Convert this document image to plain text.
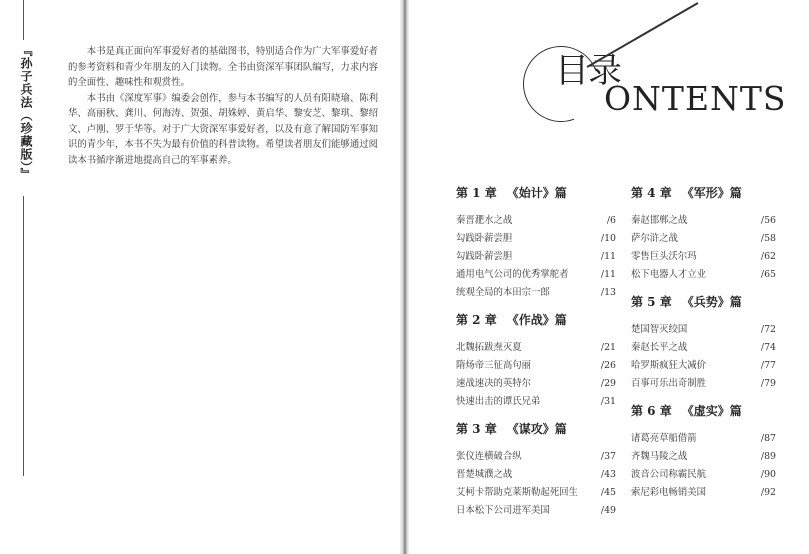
『孙子兵法（珍藏版）』	本书是真正面向军事爱好者的基础图书，特别适合作为广大军事爱好者的参考资料和青少年朋友的入门读物。全书由资深军事团队编写，力求内容的全面性、趣味性和观赏性。

本书由《深度军事》编委会创作，参与本书编写的人员有阳晓瑜、陈利华、高丽秋、龚川、何海涛、贺强、胡姝婷、黄启华、黎安芝、黎琪、黎绍文、卢刚、罗于华等。对于广大资深军事爱好者，以及有意了解国防军事知识的青少年，本书不失为最有价值的科普读物。希望读者朋友们能够通过阅读本书循序渐进地提高自己的军事素养。

目录
ONTENTS
第 1 章 《始计》篇
秦晋淝水之战	/6
勾践卧薪尝胆	/10
勾践卧薪尝胆	/11
通用电气公司的优秀掌舵者	/11
统观全局的本田宗一郎	/13
第 2 章 《作战》篇
北魏拓跋焘灭夏	/21
隋炀帝三征高句丽	/26
速战速决的英特尔	/29
快速出击的谭氏兄弟	/31
第 3 章 《谋攻》篇
张仪连横破合纵	/37
晋楚城濮之战	/43
艾柯卡帮助克莱斯勒起死回生 /45
日本松下公司进军美国	/49
第 4 章 《军形》篇
秦赵邯郸之战	/56
萨尔浒之战	/58
零售巨头沃尔玛	/62
松下电器人才立业	/65
第 5 章 《兵势》篇
楚国智灭绞国	/72
秦赵长平之战	/74
哈罗斯疯狂大减价	/77
百事可乐出奇制胜	/79
第 6 章 《虚实》篇
诸葛亮草船借箭	/87
齐魏马陵之战	/89
波音公司称霸民航	/90
索尼彩电畅销美国	/92
